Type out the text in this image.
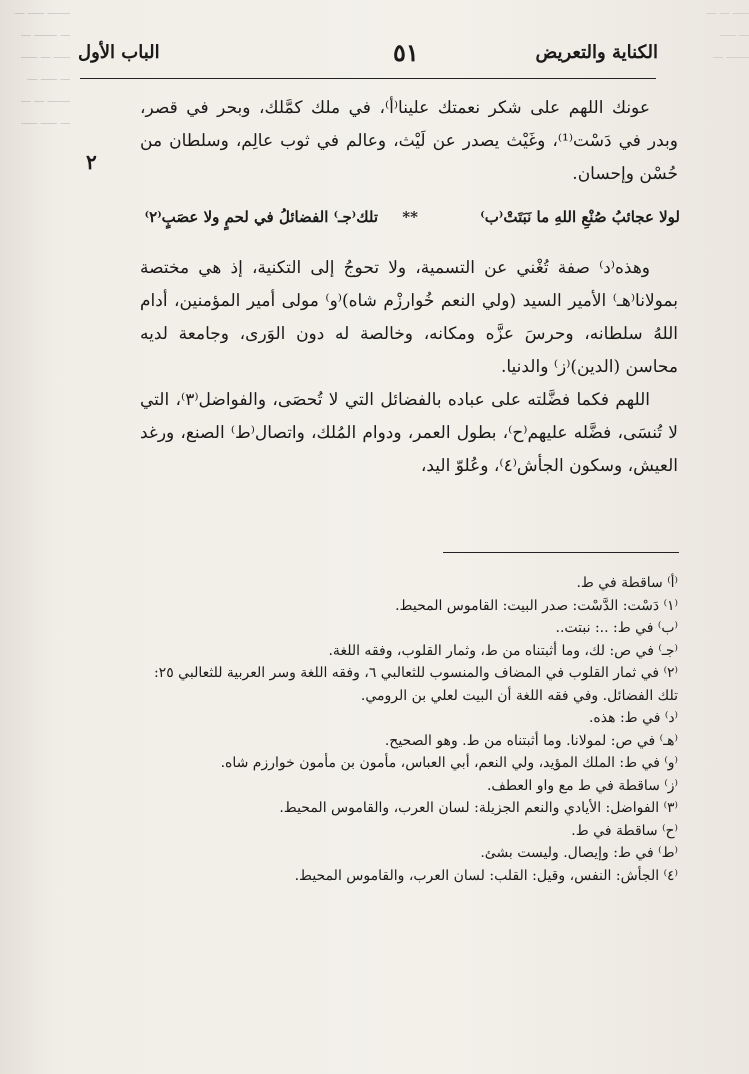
ـــــــ ـــــ ـــ
ـــ ـــــــ ـــ
ـــــ ـــ ـــــ
ـــ ـــــ ـــ
ـــــــ ـــ ـــ
ـــ ـــــ ـــــ
ـــــ ـــ ـــ
ـــ ـــــ
ـــــــ ـــ
الباب الأول	٥١	الكناية والتعريض
٢

عونك اللهم على شكر نعمتك علينا⁽أ⁾، في ملك كمَّلك، وبحر في قصر، وبدر في دَسْت⁽¹⁾، وغَيْث يصدر عن لَيْث، وعالم في ثوب عالِم، وسلطان من حُسْن وإحسان.

لولا عجائبُ صُنْعِ اللهِ ما نَبَتَتْ⁽ب⁾
**
تلك⁽جـ⁾ الفضائلُ في لحمٍ ولا عصَبٍ⁽٢⁾

وهذه⁽د⁾ صفة تُغْني عن التسمية، ولا تحوجُ إلى التكنية، إذ هي مختصة بمولانا⁽هـ⁾ الأمير السيد (ولي النعم خُوارزْم شاه)⁽و⁾ مولى أمير المؤمنين، أدام اللهُ سلطانه، وحرسَ عزَّه ومكانه، وخالصة له دون الوَرى، وجامعة لديه محاسن (الدين)⁽ز⁾ والدنيا.

اللهم فكما فضَّلته على عباده بالفضائل التي لا تُحصَى، والفواضل⁽٣⁾، التي لا تُنسَى، فضَّله عليهم⁽ح⁾، بطول العمر، ودوام المُلك، واتصال⁽ط⁾ الصنع، ورغد العيش، وسكون الجأش⁽٤⁾، وعُلوّ اليد،

⁽أ⁾ ساقطة في ط.
⁽١⁾ دَسْت: الدَّسْت: صدر البيت: القاموس المحيط.
⁽ب⁾ في ط: ..: نبتت..
⁽جـ⁾ في ص: لك، وما أثبتناه من ط، وثمار القلوب، وفقه اللغة.
⁽٢⁾ في ثمار القلوب في المضاف والمنسوب للثعالبي ٦، وفقه اللغة وسر العربية للثعالبي ٢٥: تلك الفضائل. وفي فقه اللغة أن البيت لعلي بن الرومي.
⁽د⁾ في ط: هذه.
⁽هـ⁾ في ص: لمولانا. وما أثبتناه من ط. وهو الصحيح.
⁽و⁾ في ط: الملك المؤيد، ولي النعم، أبي العباس، مأمون بن مأمون خوارزم شاه.
⁽ز⁾ ساقطة في ط مع واو العطف.
⁽٣⁾ الفواضل: الأيادي والنعم الجزيلة: لسان العرب، والقاموس المحيط.
⁽ح⁾ ساقطة في ط.
⁽ط⁾ في ط: وإيصال. وليست بشئ.
⁽٤⁾ الجأش: النفس، وقيل: القلب: لسان العرب، والقاموس المحيط.
